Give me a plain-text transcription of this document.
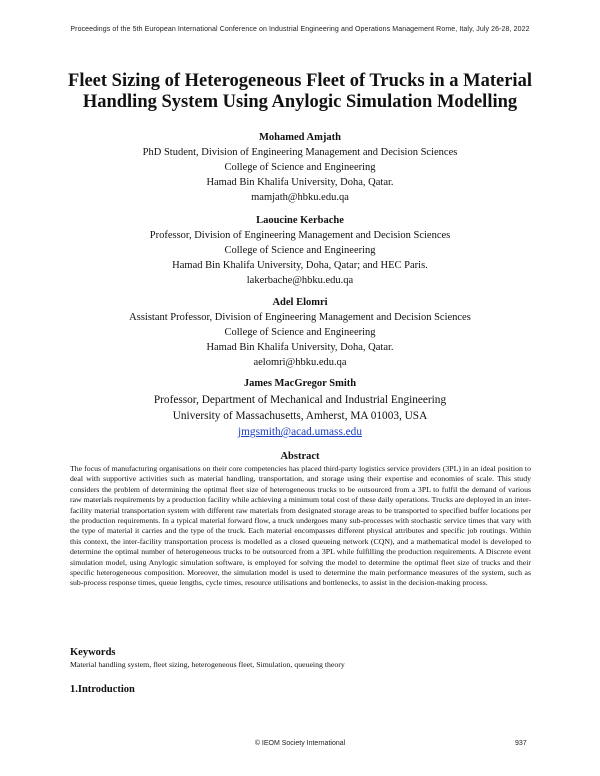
Proceedings of the 5th European International Conference on Industrial Engineering and Operations Management Rome, Italy, July 26-28, 2022
Fleet Sizing of Heterogeneous Fleet of Trucks in a Material
Handling System Using Anylogic Simulation Modelling
Mohamed Amjath
PhD Student, Division of Engineering Management and Decision Sciences
College of Science and Engineering
Hamad Bin Khalifa University, Doha, Qatar.
mamjath@hbku.edu.qa
Laoucine Kerbache
Professor, Division of Engineering Management and Decision Sciences
College of Science and Engineering
Hamad Bin Khalifa University, Doha, Qatar; and HEC Paris.
lakerbache@hbku.edu.qa
Adel Elomri
Assistant Professor, Division of Engineering Management and Decision Sciences
College of Science and Engineering
Hamad Bin Khalifa University, Doha, Qatar.
aelomri@hbku.edu.qa
James MacGregor Smith
Professor, Department of Mechanical and Industrial Engineering
University of Massachusetts, Amherst, MA 01003, USA
jmgsmith@acad.umass.edu
Abstract

The focus of manufacturing organisations on their core competencies has placed third-party logistics service providers (3PL) in an ideal position to deal with supportive activities such as material handling, transportation, and storage using their expertise and economies of scale. This study considers the problem of determining the optimal fleet size of heterogeneous trucks to be outsourced from a 3PL to fulfil the demand of various raw materials requirements by a production facility while achieving a minimum total cost of these daily operations. Trucks are deployed in an inter-facility material transportation system with different raw materials from designated storage areas to be transported to specified buffer locations per the production requirements. In a typical material forward flow, a truck undergoes many sub-processes with stochastic service times that vary with the type of material it carries and the type of the truck. Each material encompasses different physical attributes and specific job routings. Within this context, the inter-facility transportation process is modelled as a closed queueing network (CQN), and a mathematical model is developed to determine the optimal number of heterogeneous trucks to be outsourced from a 3PL while fulfilling the production requirements. A Discrete event simulation model, using Anylogic simulation software, is employed for solving the model to determine the optimal fleet size of trucks and their specific heterogeneous composition. Moreover, the simulation model is used to determine the main performance measures of the system, such as sub-process response times, queue lengths, cycle times, resource utilisations and bottlenecks, to assist in the decision-making process.

Keywords
Material handling system, fleet sizing, heterogeneous fleet, Simulation, queueing theory
1.Introduction
© IEOM Society International	937
